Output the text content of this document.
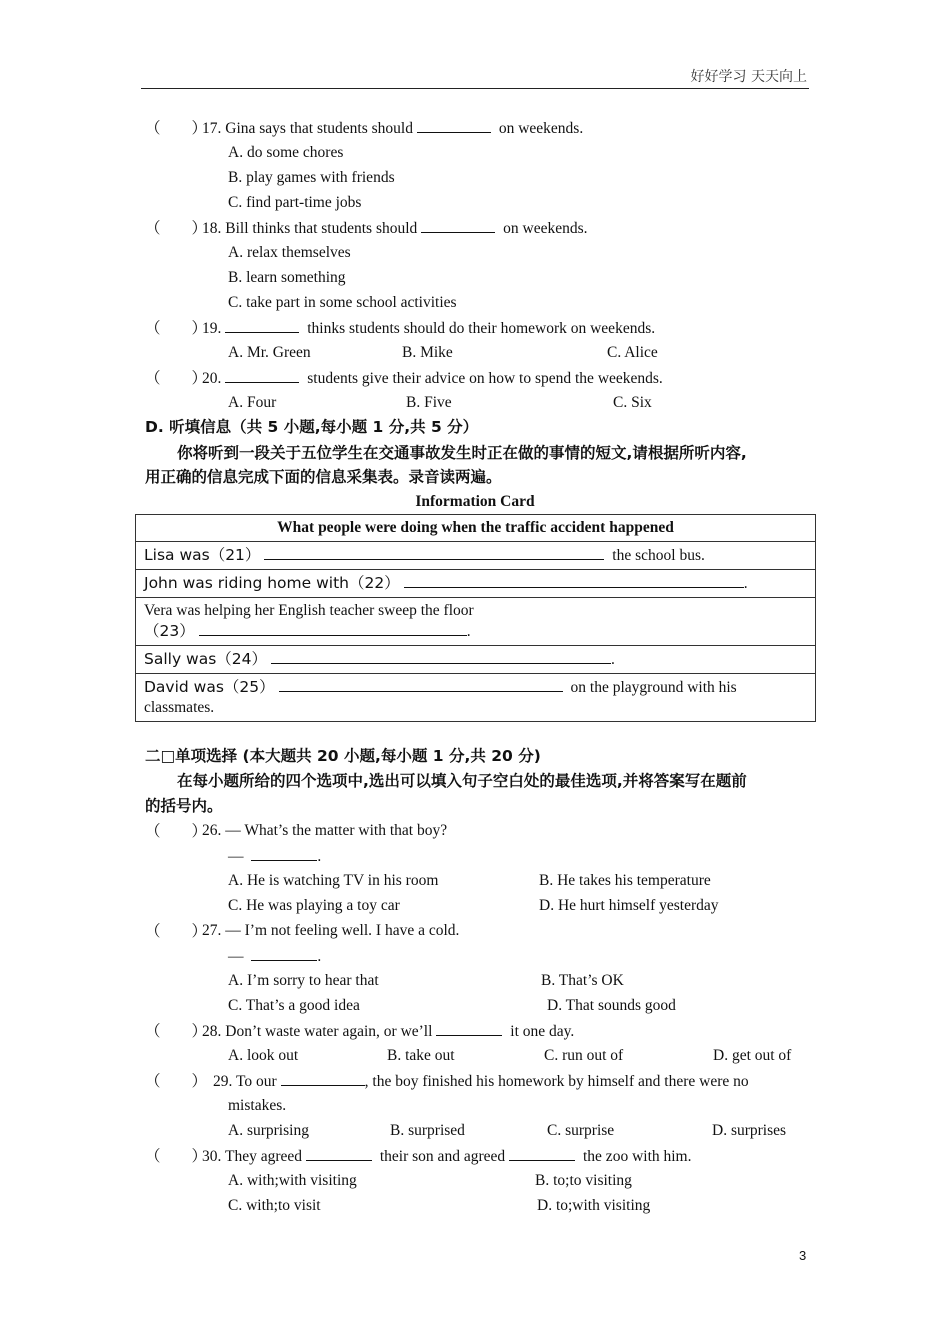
好好学习 天天向上
（　　）
17. Gina says that students should	on weekends.
A. do some chores
B. play games with friends
C. find part-time jobs
（　　）
18. Bill thinks that students should	on weekends.
A. relax themselves
B. learn something
C. take part in some school activities
（　　）
19.	thinks students should do their homework on weekends.
A. Mr. Green	B. Mike	C. Alice
（　　）
20.	students give their advice on how to spend the weekends.
A. Four	B. Five	C. Six
D. 听填信息（共 5 小题,每小题 1 分,共 5 分）
你将听到一段关于五位学生在交通事故发生时正在做的事情的短文,请根据所听内容,
用正确的信息完成下面的信息采集表。录音读两遍。
Information Card
What people were doing when the traffic accident happened
Lisa was（21）	the school bus.
John was riding home with（22）	.

Vera was helping her English teacher sweep the floor
（23）	.

Sally was（24）	.
David was（25）	on the playground with his
classmates.
二□单项选择 (本大题共 20 小题,每小题 1 分,共 20 分)
在每小题所给的四个选项中,选出可以填入句子空白处的最佳选项,并将答案写在题前
的括号内。
（　　）
26. — What’s the matter with that boy?
—	.
A. He is watching TV in his room	B. He takes his temperature
C. He was playing a toy car	D. He hurt himself yesterday
（　　）
27. — I’m not feeling well. I have a cold.
—	.
A. I’m sorry to hear that	B. That’s OK
C. That’s a good idea	D. That sounds good
（　　）
28. Don’t waste water again, or we’ll	it one day.
A. look out	B. take out	C. run out of	D. get out of
（　　） 29. To our	, the boy finished his homework by himself and there were no
mistakes.
A. surprising	B. surprised	C. surprise	D. surprises
（　　）
30. They agreed	their son and agreed	the zoo with him.
A. with;with visiting	B. to;to visiting
C. with;to visit	D. to;with visiting
3
